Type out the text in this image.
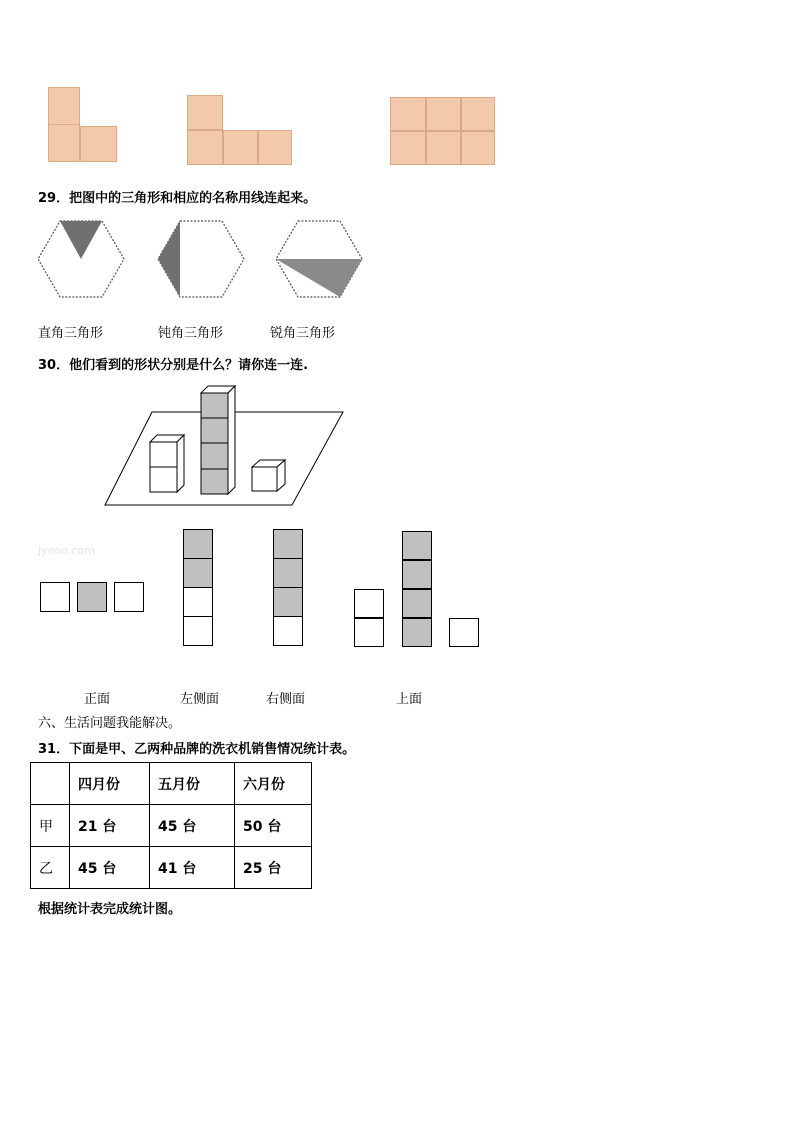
29．把图中的三角形和相应的名称用线连起来。
直角三角形	钝角三角形	锐角三角形
30．他们看到的形状分别是什么？请你连一连.
Jyeoo.com
正面	左侧面	右侧面	上面
六、生活问题我能解决。
31．下面是甲、乙两种品牌的洗衣机销售情况统计表。
	四月份	五月份	六月份
甲	21 台	45 台	50 台
乙	45 台	41 台	25 台
根据统计表完成统计图。
